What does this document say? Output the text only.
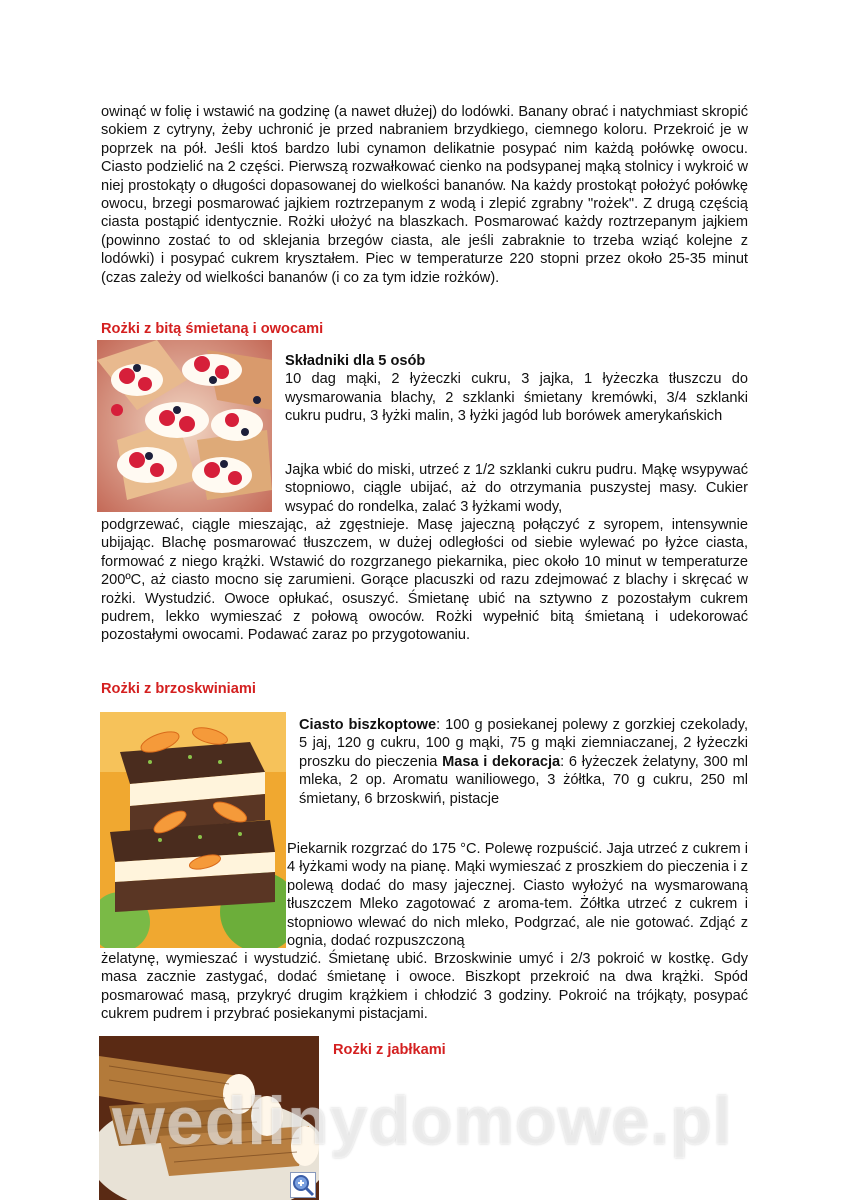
owinąć w folię i wstawić na godzinę (a nawet dłużej) do lodówki. Banany obrać i natychmiast skropić sokiem z cytryny, żeby uchronić je przed nabraniem brzydkiego, ciemnego koloru. Przekroić je w poprzek na pół. Jeśli ktoś bardzo lubi cynamon delikatnie posypać nim każdą połówkę owocu. Ciasto podzielić na 2 części. Pierwszą rozwałkować cienko na podsypanej mąką stolnicy i wykroić w niej prostokąty o długości dopasowanej do wielkości bananów. Na każdy prostokąt położyć połówkę owocu, brzegi posmarować jajkiem roztrzepanym z wodą i zlepić zgrabny "rożek". Z drugą częścią ciasta postąpić identycznie. Rożki ułożyć na blaszkach. Posmarować każdy roztrzepanym jajkiem (powinno zostać to od sklejania brzegów ciasta, ale jeśli zabraknie to trzeba wziąć kolejne z lodówki) i posypać cukrem kryształem. Piec w temperaturze 220 stopni przez około 25-35 minut (czas zależy od wielkości bananów (i co za tym idzie rożków).

Rożki z bitą śmietaną i owocami

Składniki dla 5 osób

10 dag mąki, 2 łyżeczki cukru, 3 jajka, 1 łyżeczka tłuszczu do wysmarowania blachy, 2 szklanki śmietany kremówki, 3/4 szklanki cukru pudru, 3 łyżki malin, 3 łyżki jagód lub borówek amerykańskich

Jajka wbić do miski, utrzeć z 1/2 szklanki cukru pudru. Mąkę wsypywać stopniowo, ciągle ubijać, aż do otrzymania puszystej masy. Cukier wsypać do rondelka, zalać 3 łyżkami wody,

podgrzewać, ciągle mieszając, aż zgęstnieje. Masę jajeczną połączyć z syropem, intensywnie ubijając. Blachę posmarować tłuszczem, w dużej odległości od siebie wylewać po łyżce ciasta, formować z niego krążki. Wstawić do rozgrzanego piekarnika, piec około 10 minut w temperaturze 200ºC, aż ciasto mocno się zarumieni. Gorące placuszki od razu zdejmować z blachy i skręcać w rożki. Wystudzić. Owoce opłukać, osuszyć. Śmietanę ubić na sztywno z pozostałym cukrem pudrem, lekko wymieszać z połową owoców. Rożki wypełnić bitą śmietaną i udekorować pozostałymi owocami. Podawać zaraz po przygotowaniu.

Rożki z brzoskwiniami

Ciasto biszkoptowe: 100 g posiekanej polewy z gorzkiej czekolady, 5 jaj, 120 g cukru, 100 g mąki, 75 g mąki ziemniaczanej, 2 łyżeczki proszku do pieczenia Masa i dekoracja: 6 łyżeczek żelatyny, 300 ml mleka, 2 op. Aromatu waniliowego, 3 żółtka, 70 g cukru, 250 ml śmietany, 6 brzoskwiń, pistacje

Piekarnik rozgrzać do 175 °C. Polewę rozpuścić. Jaja utrzeć z cukrem i 4 łyżkami wody na pianę. Mąki wymieszać z proszkiem do pieczenia i z polewą dodać do masy jajecznej. Ciasto wyłożyć na wysmarowaną tłuszczem Mleko zagotować z aroma-tem. Żółtka utrzeć z cukrem i stopniowo wlewać do nich mleko, Podgrzać, ale nie gotować. Zdjąć z ognia, dodać rozpuszczoną

żelatynę, wymieszać i wystudzić. Śmietanę ubić. Brzoskwinie umyć i 2/3 pokroić w kostkę. Gdy masa zacznie zastygać, dodać śmietanę i owoce. Biszkopt przekroić na dwa krążki. Spód posmarować masą, przykryć drugim krążkiem i chłodzić 3 godziny. Pokroić na trójkąty, posypać cukrem pudrem i przybrać posiekanymi pistacjami.

Rożki z jabłkami
wedlinydomowe.pl
